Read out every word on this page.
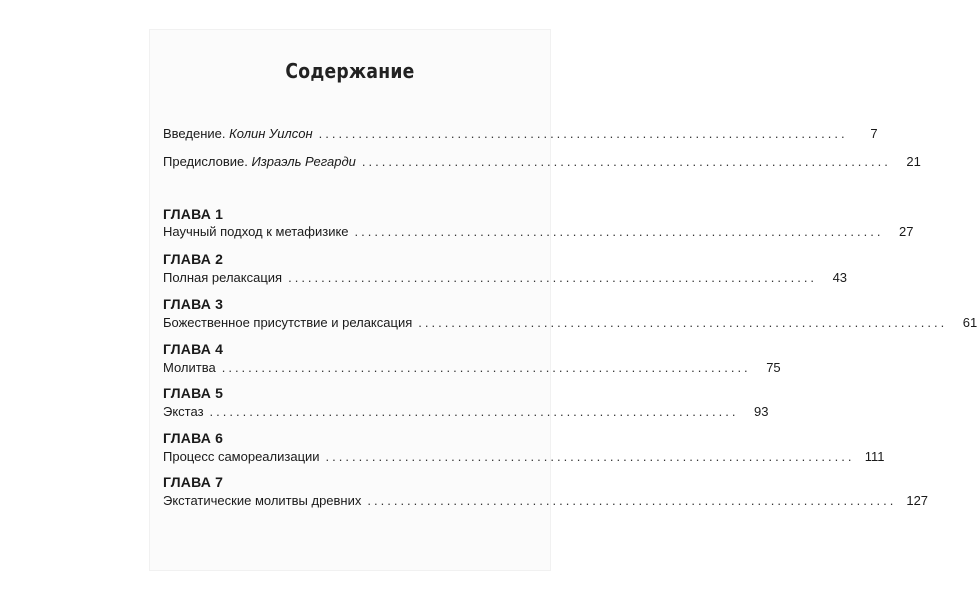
Содержание
Введение. Колин Уилсон ................................................................................	7
Предисловие. Израэль Регарди ................................................................................	21
ГЛАВА 1
Научный подход к метафизике ................................................................................	27
ГЛАВА 2
Полная релаксация ................................................................................	43
ГЛАВА 3
Божественное присутствие и релаксация ................................................................................	61
ГЛАВА 4
Молитва ................................................................................	75
ГЛАВА 5
Экстаз ................................................................................	93
ГЛАВА 6
Процесс самореализации ................................................................................ 111
ГЛАВА 7
Экстатические молитвы древних ................................................................................ 127
